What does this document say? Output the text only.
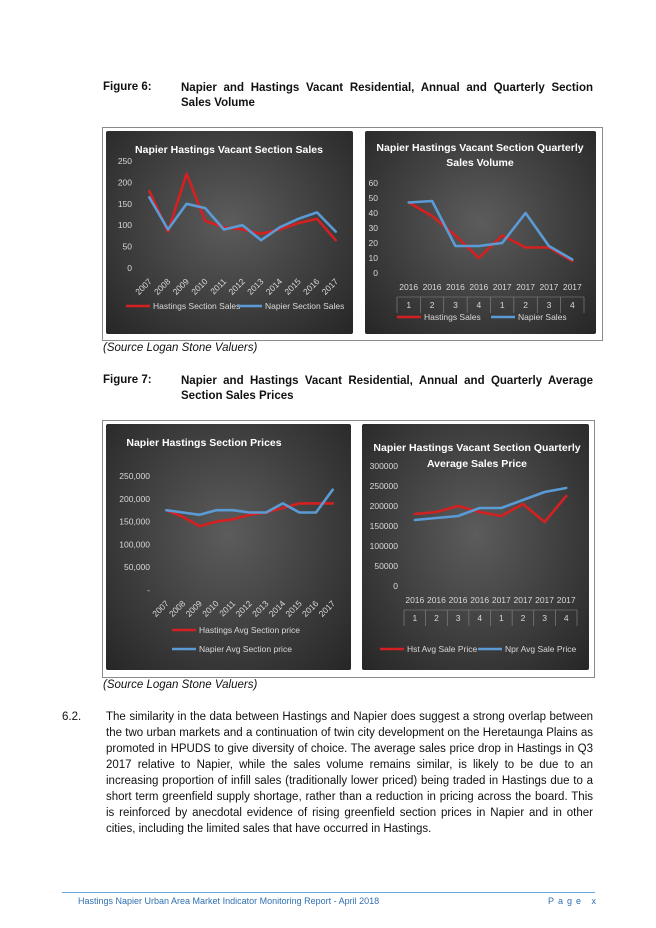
Figure 6:	Napier and Hastings Vacant Residential, Annual and Quarterly Section Sales Volume
Napier Hastings Vacant Section Sales
250
200
150
100
50
0
2007
2008
2009
2010
2011
2012
2013
2014
2015
2016
2017
Hastings Section Sales	Napier Section Sales
Napier Hastings Vacant Section Quarterly
Sales Volume
60
50
40
30
20
10
0
2016 2016 2016 2016 2017 2017 2017 2017
1 2 3 4 1 2 3 4
Hastings Sales	Napier Sales
(Source Logan Stone Valuers)
Figure 7:	Napier and Hastings Vacant Residential, Annual and Quarterly Average Section Sales Prices
Napier Hastings Section Prices
250,000
200,000
150,000
100,000
50,000
-
2007
2008
2009
2010
2011
2012
2013
2014
2015
2016
2017
Hastings Avg Section price
Napier Avg Section price
Napier Hastings Vacant Section Quarterly
Average Sales Price
300000
250000
200000
150000
100000
50000
0
2016 2016 2016 2016 2017 2017 2017 2017
1 2 3 4 1 2 3 4
Hst Avg Sale Price	Npr Avg Sale Price
(Source Logan Stone Valuers)
6.2. The similarity in the data between Hastings and Napier does suggest a strong overlap between the two urban markets and a continuation of twin city development on the Heretaunga Plains as promoted in HPUDS to give diversity of choice. The average sales price drop in Hastings in Q3 2017 relative to Napier, while the sales volume remains similar, is likely to be due to an increasing proportion of infill sales (traditionally lower priced) being traded in Hastings due to a short term greenfield supply shortage, rather than a reduction in pricing across the board. This is reinforced by anecdotal evidence of rising greenfield section prices in Napier and in other cities, including the limited sales that have occurred in Hastings.
Hastings Napier Urban Area Market Indicator Monitoring Report - April 2018	Page x
